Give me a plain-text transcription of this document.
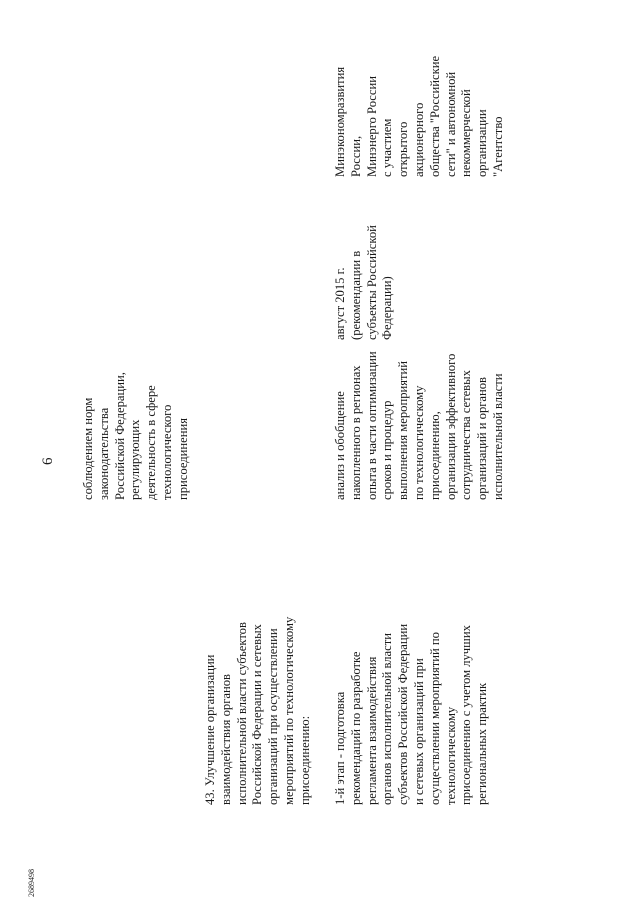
6
43. Улучшение организации
взаимодействия органов
исполнительной власти субъектов
Российской Федерации и сетевых
организаций при осуществлении
мероприятий по технологическому
присоединению:
соблюдением норм
законодательства
Российской Федерации,
регулирующих
деятельность в сфере
технологического
присоединения
1-й этап - подготовка
рекомендаций по разработке
регламента взаимодействия
органов исполнительной власти
субъектов Российской Федерации
и сетевых организаций при
осуществлении мероприятий по
технологическому
присоединению с учетом лучших
региональных практик
анализ и обобщение
накопленного в регионах
опыта в части оптимизации
сроков и процедур
выполнения мероприятий
по технологическому
присоединению,
организации эффективного
сотрудничества сетевых
организаций и органов
исполнительной власти
август 2015 г.
(рекомендации в
субъекты Российской
Федерации)
Минэкономразвития
России,
Минэнерго России
с участием
открытого
акционерного
общества "Российские
сети" и автономной
некоммерческой
организации
"Агентство
2689498
